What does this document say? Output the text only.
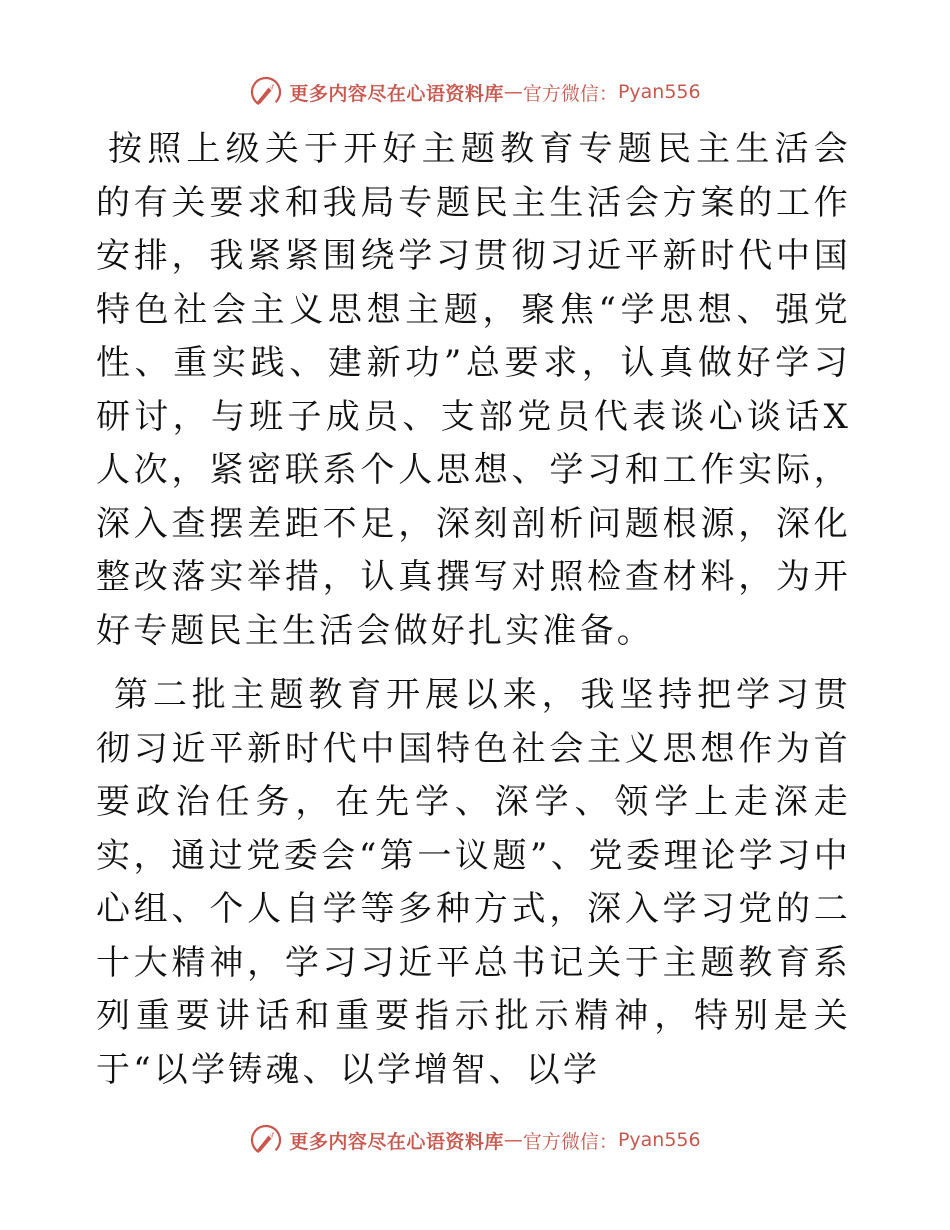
更多内容尽在心语资料库 — 官方微信： Pyan556

按照上级关于开好主题教育专题民主生活会的有关要求和我局专题民主生活会方案的工作安排，我紧紧围绕学习贯彻习近平新时代中国特色社会主义思想主题，聚焦“学思想、强党性、重实践、建新功”总要求，认真做好学习研讨，与班子成员、支部党员代表谈心谈话X人次，紧密联系个人思想、学习和工作实际，深入查摆差距不足，深刻剖析问题根源，深化整改落实举措，认真撰写对照检查材料，为开好专题民主生活会做好扎实准备。

第二批主题教育开展以来，我坚持把学习贯彻习近平新时代中国特色社会主义思想作为首要政治任务，在先学、深学、领学上走深走实，通过党委会“第一议题”、党委理论学习中心组、个人自学等多种方式，深入学习党的二十大精神，学习习近平总书记关于主题教育系列重要讲话和重要指示批示精神，特别是关于“以学铸魂、以学增智、以学

更多内容尽在心语资料库 — 官方微信： Pyan556
